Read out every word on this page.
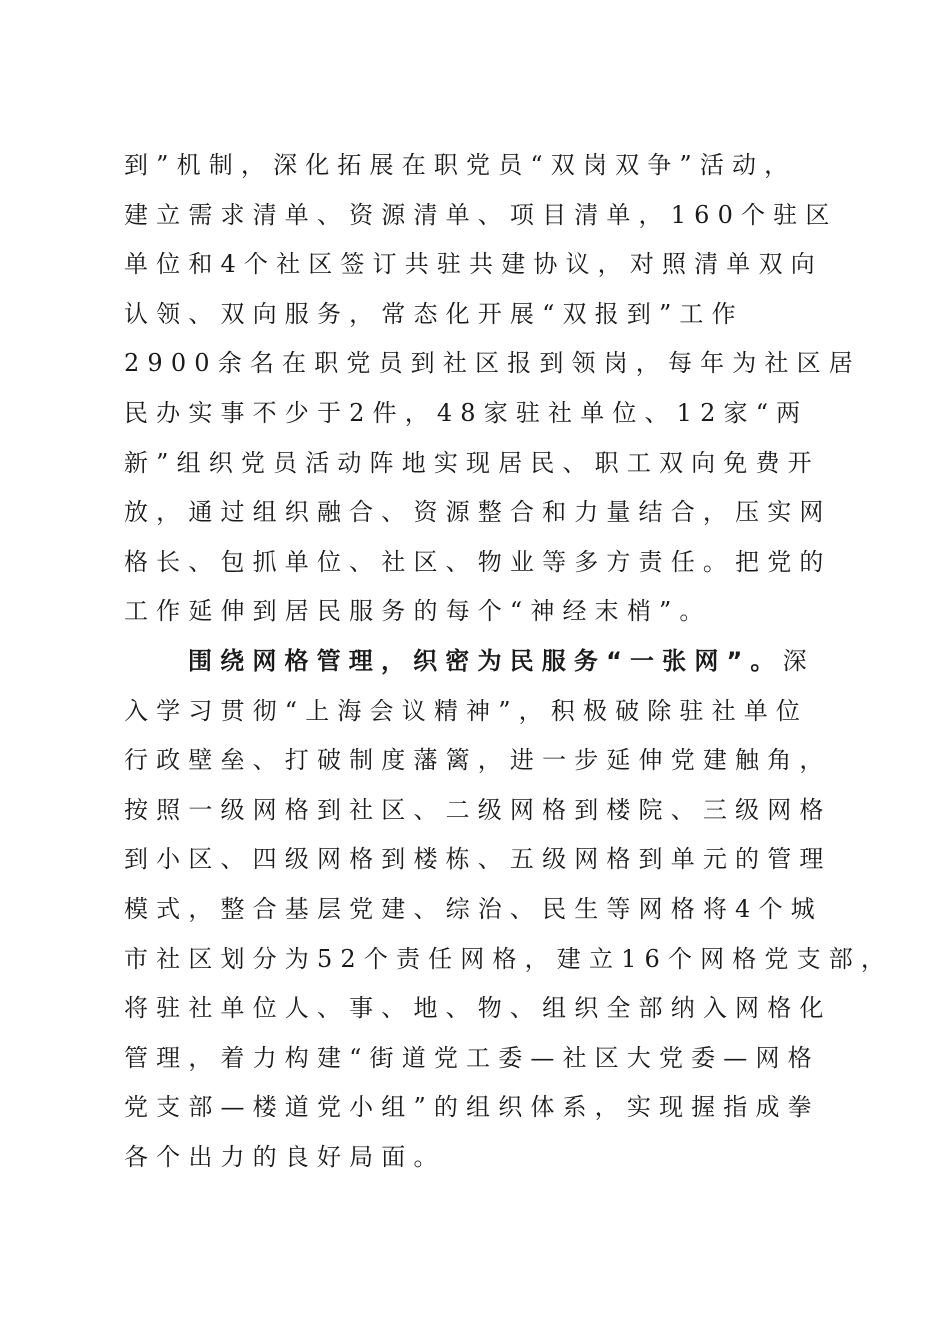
到”机制，深化拓展在职党员“双岗双争”活动，
建立需求清单、资源清单、项目清单，160个驻区
单位和4个社区签订共驻共建协议，对照清单双向
认领、双向服务，常态化开展“双报到”工作
2900余名在职党员到社区报到领岗，每年为社区居
民办实事不少于2件，48家驻社单位、12家“两
新”组织党员活动阵地实现居民、职工双向免费开
放，通过组织融合、资源整合和力量结合，压实网
格长、包抓单位、社区、物业等多方责任。把党的
工作延伸到居民服务的每个“神经末梢”。
围绕网格管理，织密为民服务“一张网”。深
入学习贯彻“上海会议精神”，积极破除驻社单位
行政壁垒、打破制度藩篱，进一步延伸党建触角，
按照一级网格到社区、二级网格到楼院、三级网格
到小区、四级网格到楼栋、五级网格到单元的管理
模式，整合基层党建、综治、民生等网格将4个城
市社区划分为52个责任网格，建立16个网格党支部，
将驻社单位人、事、地、物、组织全部纳入网格化
管理，着力构建“街道党工委—社区大党委—网格
党支部—楼道党小组”的组织体系，实现握指成拳
各个出力的良好局面。
